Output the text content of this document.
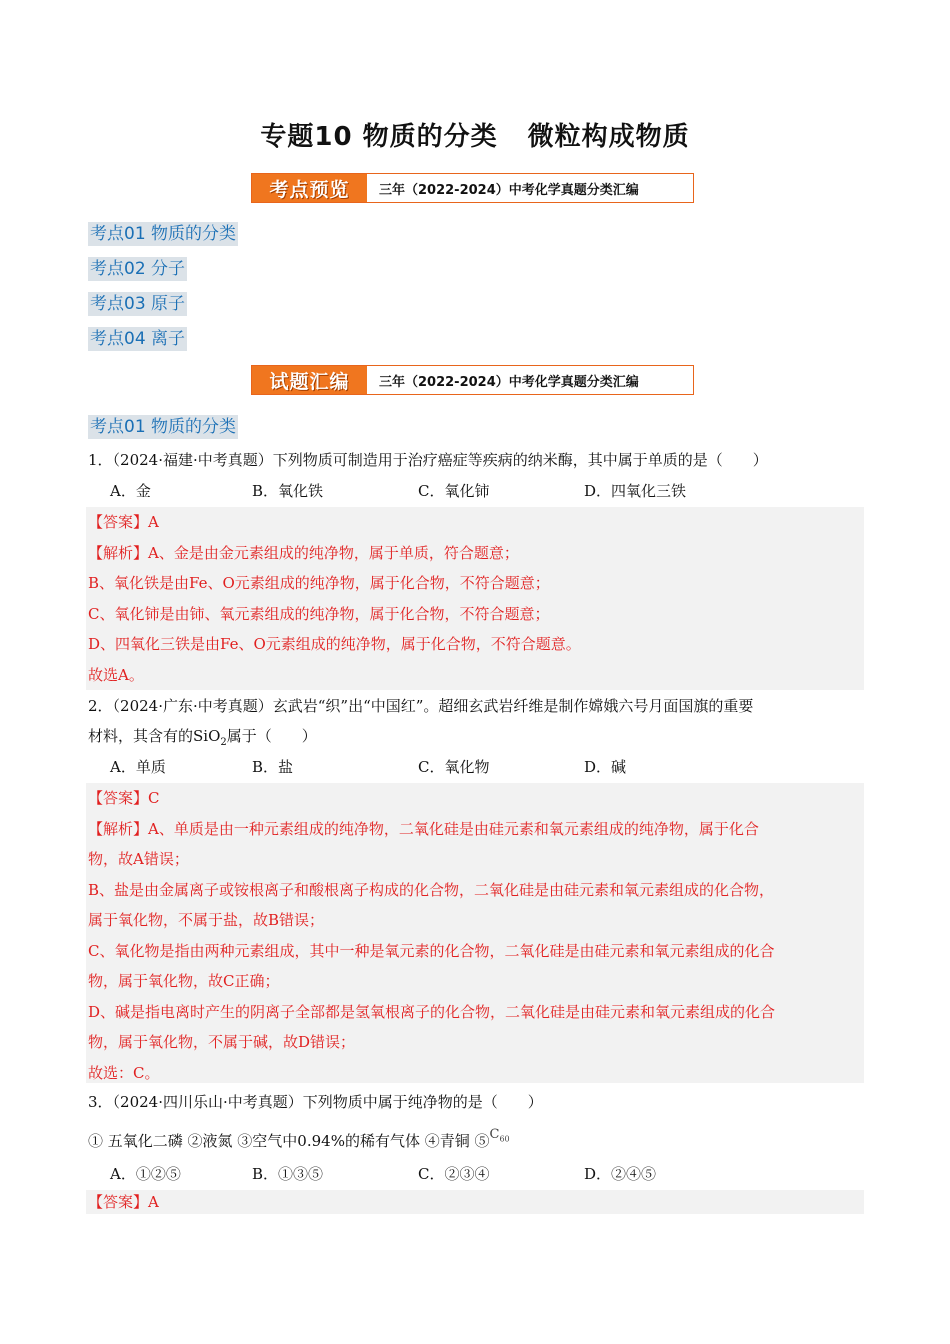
专题10 物质的分类 微粒构成物质
考点预览	三年（2022-2024）中考化学真题分类汇编
考点01 物质的分类
考点02 分子
考点03 原子
考点04 离子
试题汇编	三年（2022-2024）中考化学真题分类汇编
考点01 物质的分类
1．（2024·福建·中考真题）下列物质可制造用于治疗癌症等疾病的纳米酶，其中属于单质的是（　　）
A．金	B．氧化铁	C．氧化铈	D．四氧化三铁

【答案】A

【解析】A、金是由金元素组成的纯净物，属于单质，符合题意；

B、氧化铁是由Fe、O元素组成的纯净物，属于化合物，不符合题意；

C、氧化铈是由铈、氧元素组成的纯净物，属于化合物，不符合题意；

D、四氧化三铁是由Fe、O元素组成的纯净物，属于化合物，不符合题意。

故选A。

2．（2024·广东·中考真题）玄武岩“织”出“中国红”。超细玄武岩纤维是制作嫦娥六号月面国旗的重要
材料，其含有的SiO$_2$属于（　　）
A．单质	B．盐	C．氧化物	D．碱

【答案】C

【解析】A、单质是由一种元素组成的纯净物，二氧化硅是由硅元素和氧元素组成的纯净物，属于化合

物，故A错误；

B、盐是由金属离子或铵根离子和酸根离子构成的化合物，二氧化硅是由硅元素和氧元素组成的化合物，

属于氧化物，不属于盐，故B错误；

C、氧化物是指由两种元素组成，其中一种是氧元素的化合物，二氧化硅是由硅元素和氧元素组成的化合

物，属于氧化物，故C正确；

D、碱是指电离时产生的阴离子全部都是氢氧根离子的化合物，二氧化硅是由硅元素和氧元素组成的化合

物，属于氧化物，不属于碱，故D错误；

故选：C。

3．（2024·四川乐山·中考真题）下列物质中属于纯净物的是（　　）
① 五氧化二磷 ②液氮 ③空气中0.94%的稀有气体 ④青铜 $⑤C_{60}$
A．①②⑤	B．①③⑤	C．②③④	D．②④⑤

【答案】A
